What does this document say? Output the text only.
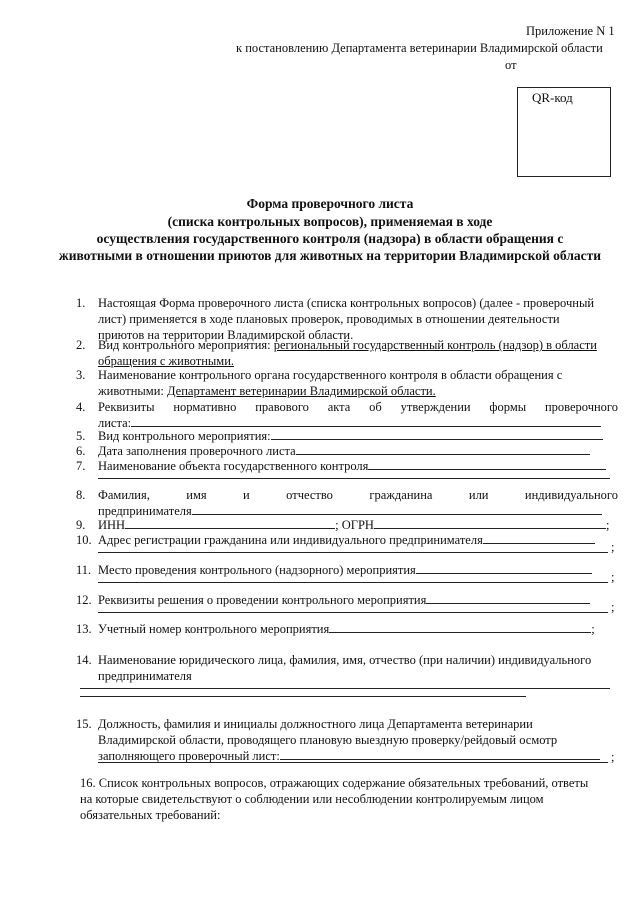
Приложение N 1
к постановлению Департамента ветеринарии Владимирской области
от
QR-код
Форма проверочного листа
(списка контрольных вопросов), применяемая в ходе
осуществления государственного контроля (надзора) в области обращения с
животными в отношении приютов для животных на территории Владимирской области
1.	Настоящая Форма проверочного листа (списка контрольных вопросов) (далее - проверочный
лист) применяется в ходе плановых проверок, проводимых в отношении деятельности
приютов на территории Владимирской области.
2.	Вид контрольного мероприятия: региональный государственный контроль (надзор) в области
обращения с животными.
3.	Наименование контрольного органа государственного контроля в области обращения с
животными: Департамент ветеринарии Владимирской области.
4.	Реквизиты нормативно правового акта об утверждении формы проверочного
листа:
5.	Вид контрольного мероприятия:
6.	Дата заполнения проверочного листа
7.	Наименование объекта государственного контроля
8.	Фамилия,	имя	и	отчество	гражданина	или	индивидуального
предпринимателя
9.	ИНН	; ОГРН	;
10. Адрес регистрации гражданина или индивидуального предпринимателя	;
11. Место проведения контрольного (надзорного) мероприятия	;
12. Реквизиты решения о проведении контрольного мероприятия	;
13. Учетный номер контрольного мероприятия	;
14. Наименование юридического лица, фамилия, имя, отчество (при наличии) индивидуального
предпринимателя
15. Должность, фамилия и инициалы должностного лица Департамента ветеринарии
Владимирской области, проводящего плановую выездную проверку/рейдовый осмотр
заполняющего проверочный лист:	;
16. Список контрольных вопросов, отражающих содержание обязательных требований, ответы
на которые свидетельствуют о соблюдении или несоблюдении контролируемым лицом
обязательных требований:
